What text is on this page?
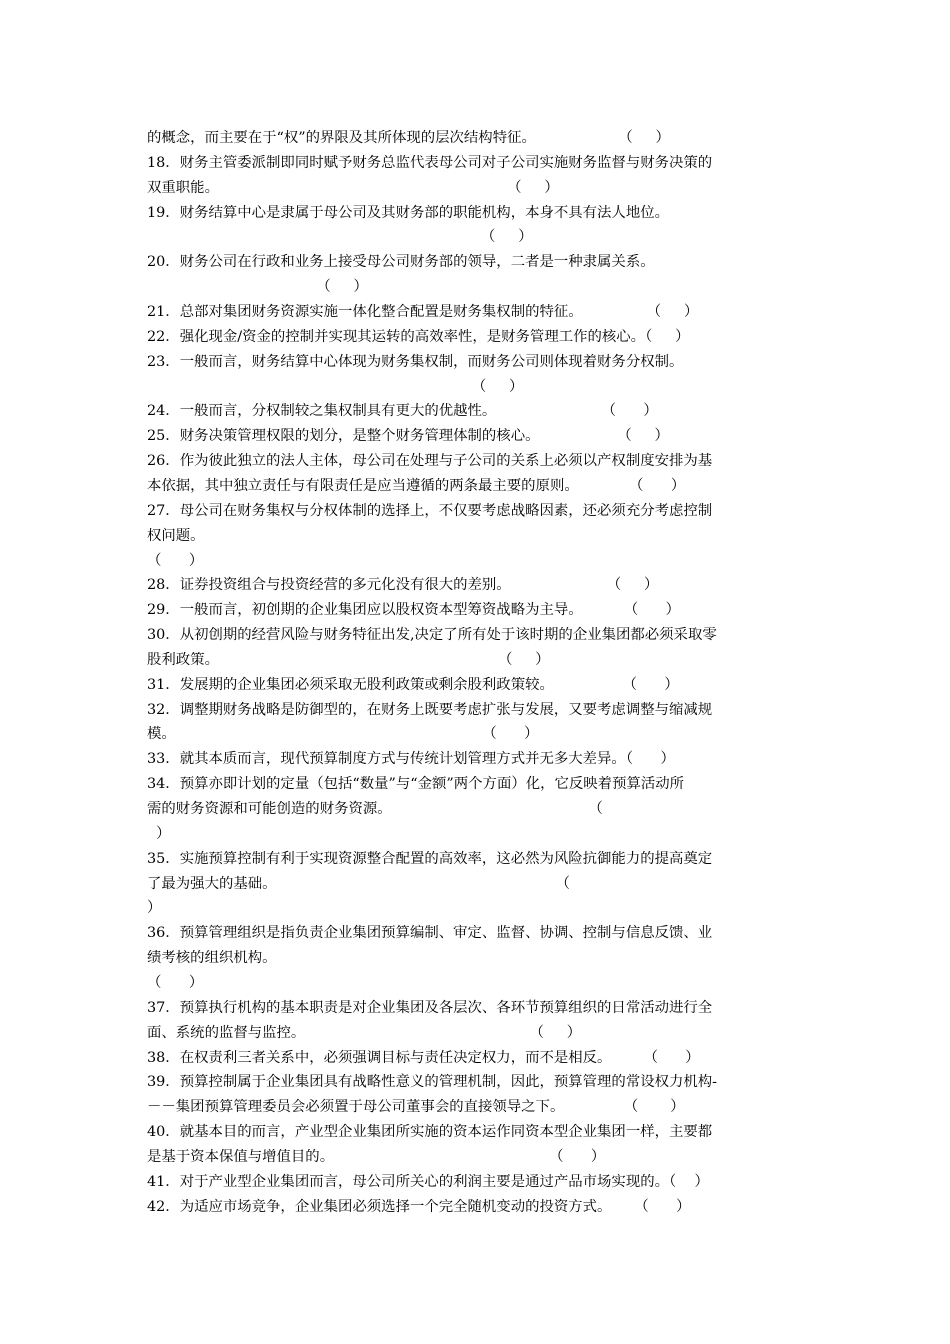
的概念，而主要在于“权”的界限及其所体现的层次结构特征。                  （     ）
18．财务主管委派制即同时赋予财务总监代表母公司对子公司实施财务监督与财务决策的
双重职能。                                                               （     ）
19．财务结算中心是隶属于母公司及其财务部的职能机构，本身不具有法人地位。
（     ）
20．财务公司在行政和业务上接受母公司财务部的领导，二者是一种隶属关系。
（     ）
21．总部对集团财务资源实施一体化整合配置是财务集权制的特征。              （     ）
22．强化现金/资金的控制并实现其运转的高效率性，是财务管理工作的核心。（     ）
23．一般而言，财务结算中心体现为财务集权制，而财务公司则体现着财务分权制。
（     ）
24．一般而言，分权制较之集权制具有更大的优越性。                       （      ）
25．财务决策管理权限的划分，是整个财务管理体制的核心。                 （     ）
26．作为彼此独立的法人主体，母公司在处理与子公司的关系上必须以产权制度安排为基
本依据，其中独立责任与有限责任是应当遵循的两条最主要的原则。           （      ）
27．母公司在财务集权与分权体制的选择上，不仅要考虑战略因素，还必须充分考虑控制
权问题。
（      ）
28．证券投资组合与投资经营的多元化没有很大的差别。                     （     ）
29．一般而言，初创期的企业集团应以股权资本型筹资战略为主导。         （      ）
30．从初创期的经营风险与财务特征出发,决定了所有处于该时期的企业集团都必须采取零
股利政策。                                                             （     ）
31．发展期的企业集团必须采取无股利政策或剩余股利政策较。               （      ）
32．调整期财务战略是防御型的，在财务上既要考虑扩张与发展，又要考虑调整与缩减规
模。                                                                   （      ）
33．就其本质而言，现代预算制度方式与传统计划管理方式并无多大差异。（      ）
34．预算亦即计划的定量（包括“数量”与“金额”两个方面）化，它反映着预算活动所
需的财务资源和可能创造的财务资源。                                           （
）
35．实施预算控制有利于实现资源整合配置的高效率，这必然为风险抗御能力的提高奠定
了最为强大的基础。                                                             （
）
36．预算管理组织是指负责企业集团预算编制、审定、监督、协调、控制与信息反馈、业
绩考核的组织机构。
（      ）
37．预算执行机构的基本职责是对企业集团及各层次、各环节预算组织的日常活动进行全
面、系统的监督与监控。                                                 （     ）
38．在权责利三者关系中，必须强调目标与责任决定权力，而不是相反。       （      ）
39．预算控制属于企业集团具有战略性意义的管理机制，因此，预算管理的常设权力机构-
－－集团预算管理委员会必须置于母公司董事会的直接领导之下。             （       ）
40．就基本目的而言，产业型企业集团所实施的资本运作同资本型企业集团一样，主要都
是基于资本保值与增值目的。                                               （      ）
41．对于产业型企业集团而言，母公司所关心的利润主要是通过产品市场实现的。（    ）
42．为适应市场竞争，企业集团必须选择一个完全随机变动的投资方式。     （      ）
